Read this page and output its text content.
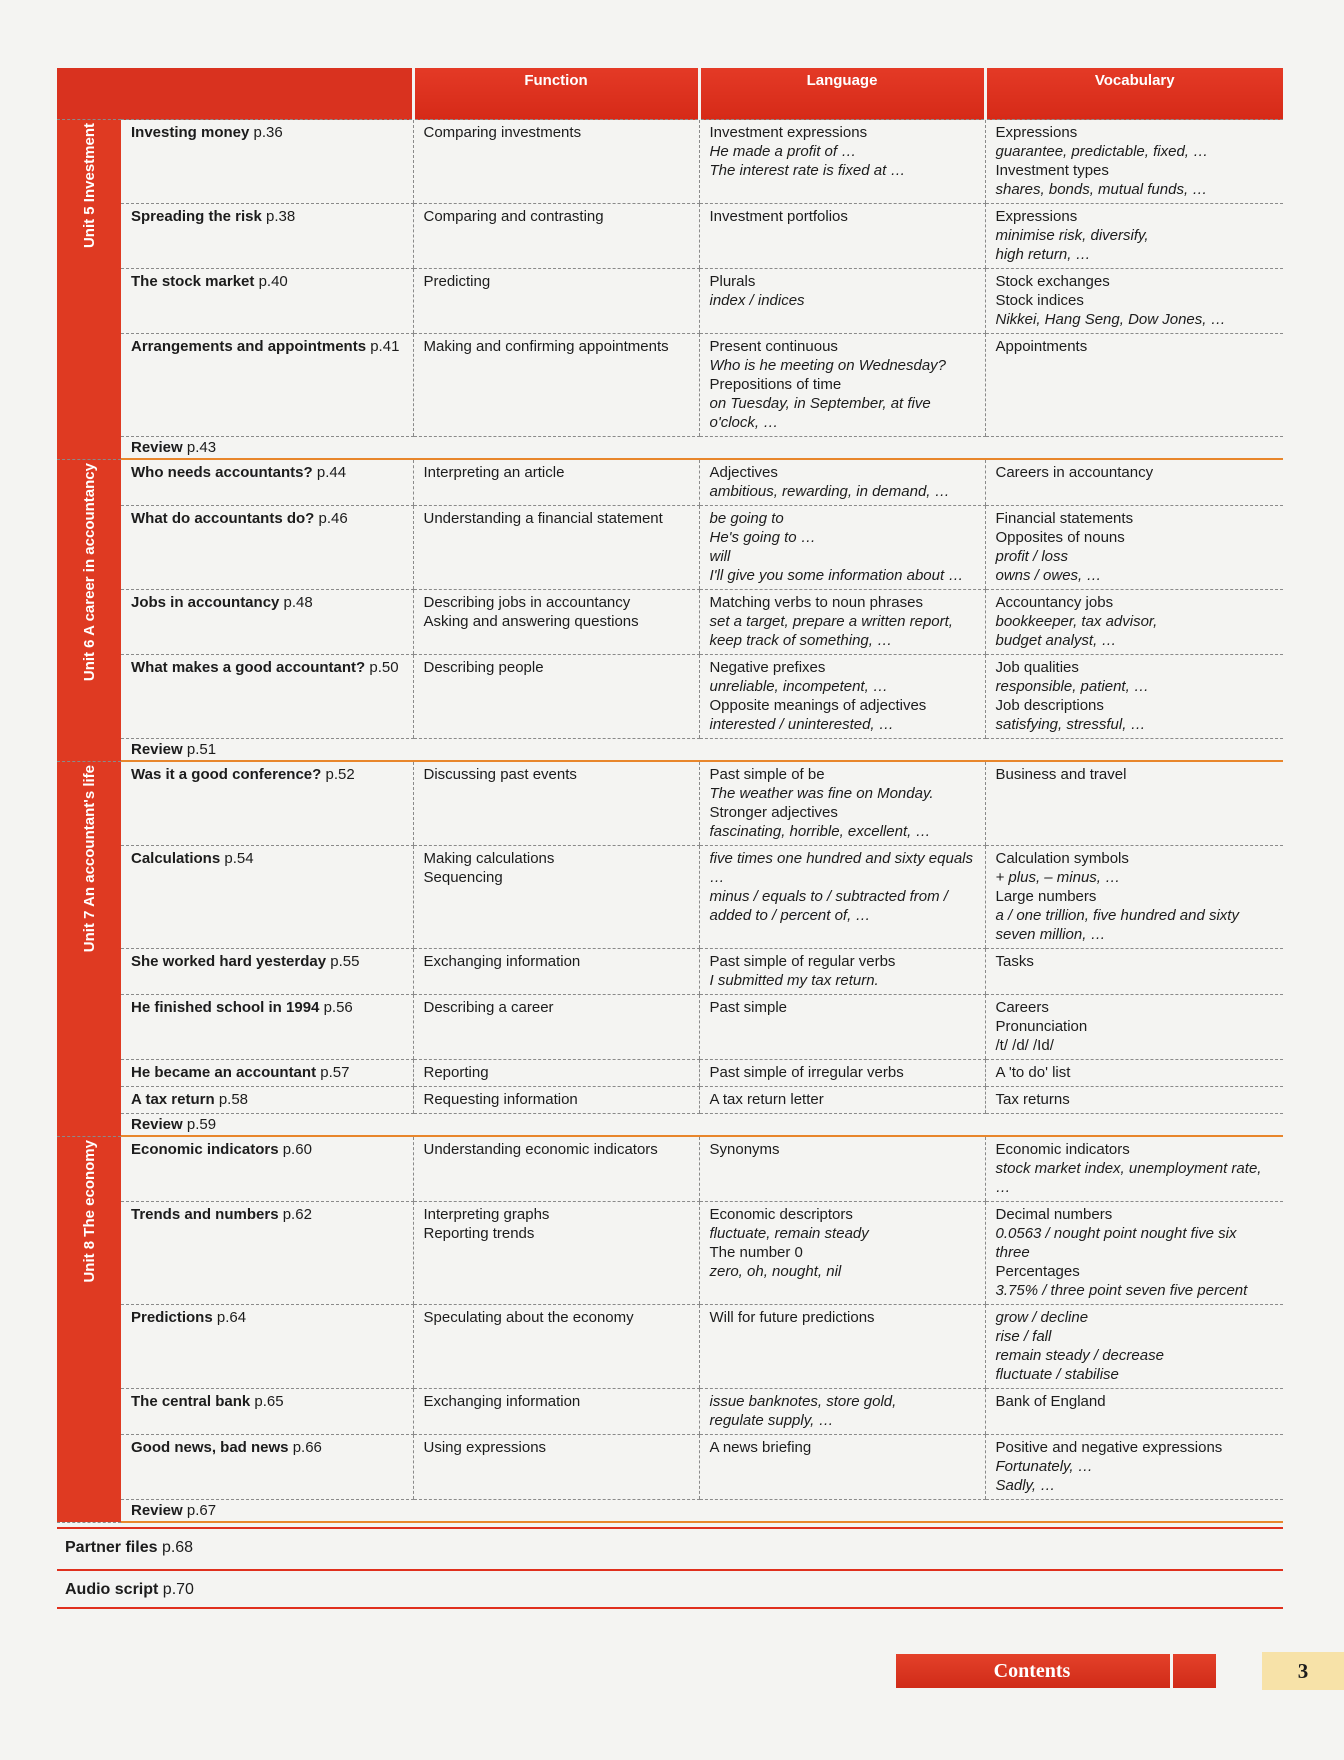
		Function	Language	Vocabulary
Unit 5 Investment	Investing money p.36	Comparing investments	Investment expressions
He made a profit of …
The interest rate is fixed at …	Expressions
guarantee, predictable, fixed, …
Investment types
shares, bonds, mutual funds, …

	Spreading the risk p.38	Comparing and contrasting	Investment portfolios	Expressions
minimise risk, diversify,
high return, …

	The stock market p.40	Predicting	Plurals
index / indices	Stock exchanges
Stock indices
Nikkei, Hang Seng, Dow Jones, …

	Arrangements and appointments p.41	Making and confirming appointments	Present continuous
Who is he meeting on Wednesday?
Prepositions of time
on Tuesday, in September, at five o'clock, …	Appointments

	Review p.43			
Unit 6 A career in accountancy	Who needs accountants? p.44	Interpreting an article	Adjectives
ambitious, rewarding, in demand, …	Careers in accountancy

	What do accountants do? p.46	Understanding a financial statement	be going to
He's going to …
will
I'll give you some information about …	Financial statements
Opposites of nouns
profit / loss
owns / owes, …

	Jobs in accountancy p.48	Describing jobs in accountancy
Asking and answering questions	Matching verbs to noun phrases
set a target, prepare a written report,
keep track of something, …	Accountancy jobs
bookkeeper, tax advisor,
budget analyst, …

	What makes a good accountant? p.50	Describing people	Negative prefixes
unreliable, incompetent, …
Opposite meanings of adjectives
interested / uninterested, …	Job qualities
responsible, patient, …
Job descriptions
satisfying, stressful, …

	Review p.51			
Unit 7 An accountant's life	Was it a good conference? p.52	Discussing past events	Past simple of be
The weather was fine on Monday.
Stronger adjectives
fascinating, horrible, excellent, …	Business and travel

	Calculations p.54	Making calculations
Sequencing	five times one hundred and sixty equals …
minus / equals to / subtracted from / added to / percent of, …	Calculation symbols
+ plus, – minus, …
Large numbers
a / one trillion, five hundred and sixty seven million, …

	She worked hard yesterday p.55	Exchanging information	Past simple of regular verbs
I submitted my tax return.	Tasks

	He finished school in 1994 p.56	Describing a career	Past simple	Careers
Pronunciation
/t/ /d/ /Id/

	He became an accountant p.57	Reporting	Past simple of irregular verbs	A 'to do' list

	A tax return p.58	Requesting information	A tax return letter	Tax returns

	Review p.59			
Unit 8 The economy	Economic indicators p.60	Understanding economic indicators	Synonyms	Economic indicators
stock market index, unemployment rate, …

	Trends and numbers p.62	Interpreting graphs
Reporting trends	Economic descriptors
fluctuate, remain steady
The number 0
zero, oh, nought, nil	Decimal numbers
0.0563 / nought point nought five six three
Percentages
3.75% / three point seven five percent

	Predictions p.64	Speculating about the economy	Will for future predictions	grow / decline
rise / fall
remain steady / decrease
fluctuate / stabilise

	The central bank p.65	Exchanging information	issue banknotes, store gold,
regulate supply, …	Bank of England

	Good news, bad news p.66	Using expressions	A news briefing	Positive and negative expressions
Fortunately, …
Sadly, …

	Review p.67			
Partner files p.68
Audio script p.70
Contents	3
